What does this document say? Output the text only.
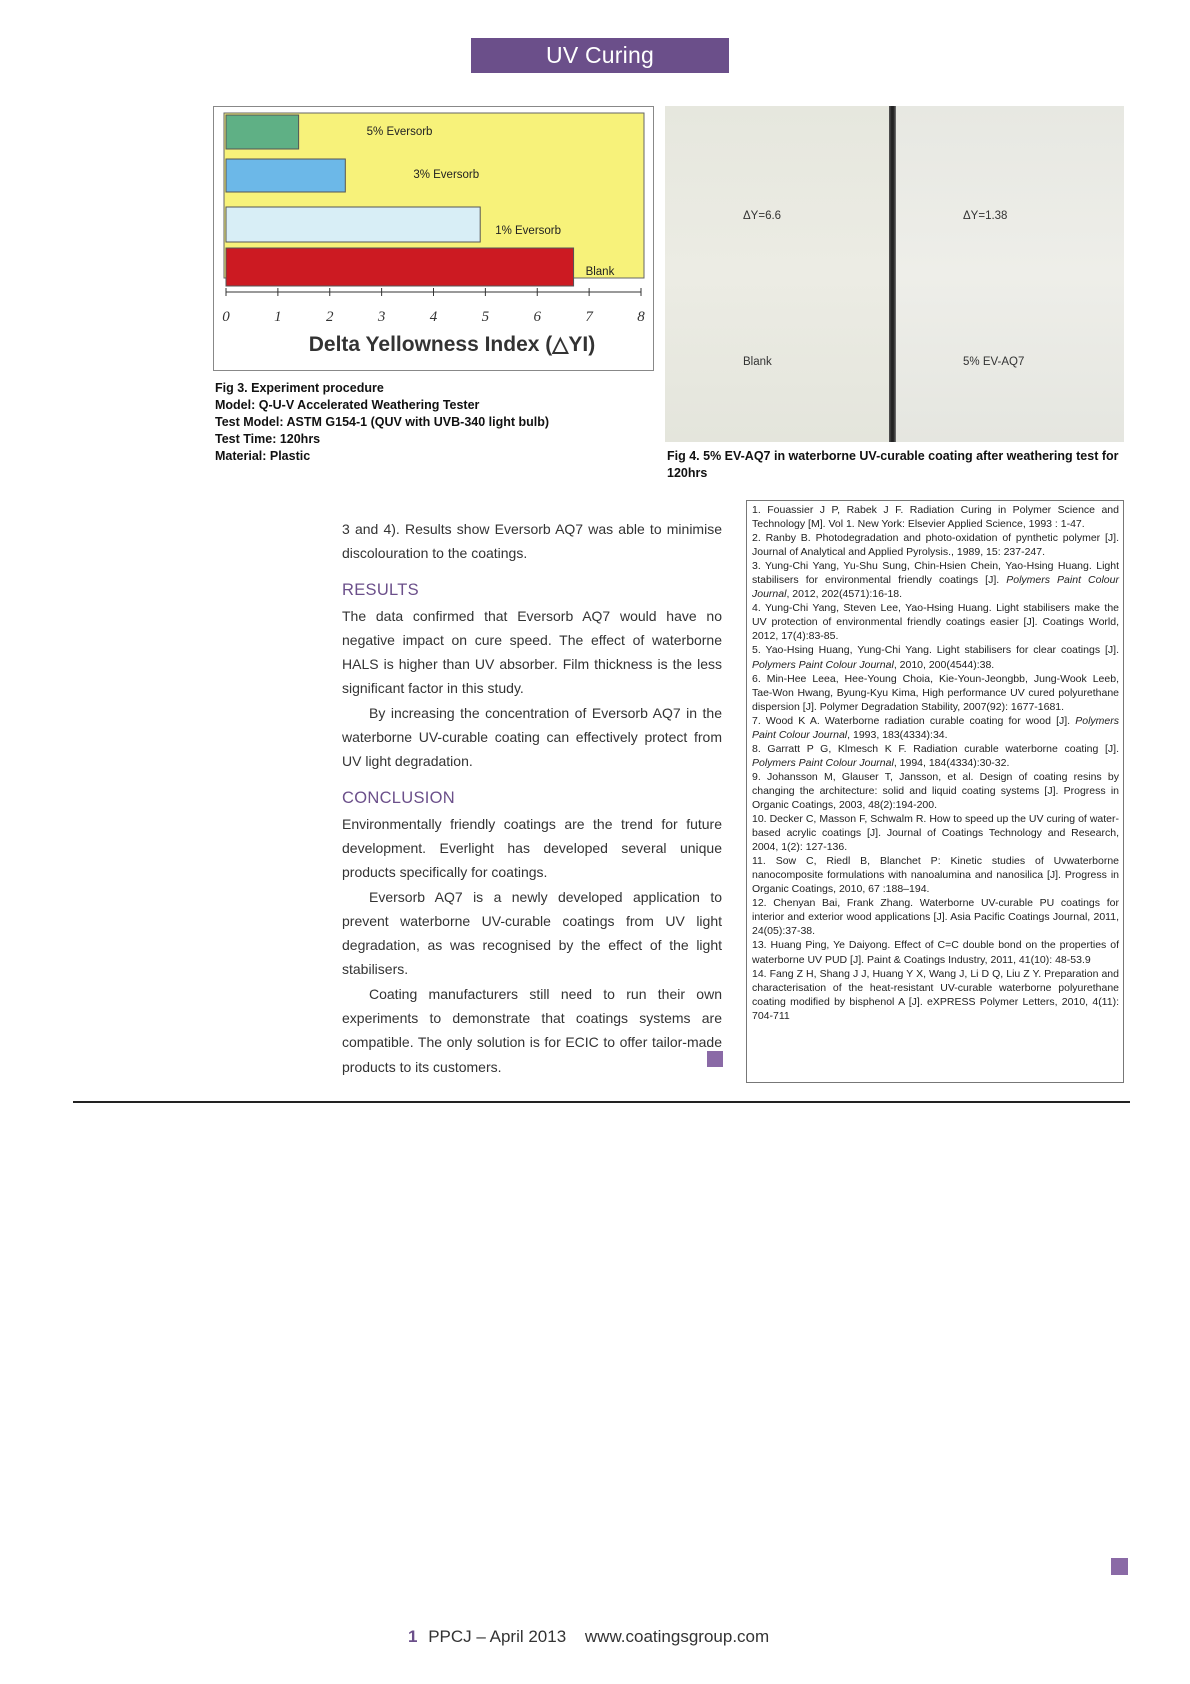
UV Curing
5% Eversorb
3% Eversorb
1% Eversorb
Blank
0	1	2	3	4	5	6	7	8
Delta Yellowness Index (△YI)
Fig 3. Experiment procedure
Model: Q-U-V Accelerated Weathering Tester
Test Model: ASTM G154-1 (QUV with UVB-340 light bulb)
Test Time: 120hrs
Material: Plastic
ΔY=6.6	ΔY=1.38
Blank	5% EV-AQ7
Fig 4. 5% EV-AQ7 in waterborne UV-curable coating after weathering test for 120hrs

3 and 4). Results show Eversorb AQ7 was able to minimise discolouration to the coatings.

RESULTS

The data confirmed that Eversorb AQ7 would have no negative impact on cure speed. The effect of waterborne HALS is higher than UV absorber. Film thickness is the less significant factor in this study.

By increasing the concentration of Eversorb AQ7 in the waterborne UV-curable coating can effectively protect from UV light degradation.

CONCLUSION

Environmentally friendly coatings are the trend for future development. Everlight has developed several unique products specifically for coatings.

Eversorb AQ7 is a newly developed application to prevent waterborne UV-curable coatings from UV light degradation, as was recognised by the effect of the light stabilisers.

Coating manufacturers still need to run their own experiments to demonstrate that coatings systems are compatible. The only solution is for ECIC to offer tailor-made products to its customers.

1. Fouassier J P, Rabek J F. Radiation Curing in Polymer Science and Technology [M]. Vol 1. New York: Elsevier Applied Science, 1993 : 1-47.
2. Ranby B. Photodegradation and photo-oxidation of pynthetic polymer [J]. Journal of Analytical and Applied Pyrolysis., 1989, 15: 237-247.
3. Yung-Chi Yang, Yu-Shu Sung, Chin-Hsien Chein, Yao-Hsing Huang. Light stabilisers for environmental friendly coatings [J]. Polymers Paint Colour Journal, 2012, 202(4571):16-18.
4. Yung-Chi Yang, Steven Lee, Yao-Hsing Huang. Light stabilisers make the UV protection of environmental friendly coatings easier [J]. Coatings World, 2012, 17(4):83-85.
5. Yao-Hsing Huang, Yung-Chi Yang. Light stabilisers for clear coatings [J]. Polymers Paint Colour Journal, 2010, 200(4544):38.
6. Min-Hee Leea, Hee-Young Choia, Kie-Youn-Jeongbb, Jung-Wook Leeb, Tae-Won Hwang, Byung-Kyu Kima, High performance UV cured polyurethane dispersion [J]. Polymer Degradation Stability, 2007(92): 1677-1681.
7. Wood K A. Waterborne radiation curable coating for wood [J]. Polymers Paint Colour Journal, 1993, 183(4334):34.
8. Garratt P G, Klmesch K F. Radiation curable waterborne coating [J]. Polymers Paint Colour Journal, 1994, 184(4334):30-32.
9. Johansson M, Glauser T, Jansson, et al. Design of coating resins by changing the architecture: solid and liquid coating systems [J]. Progress in Organic Coatings, 2003, 48(2):194-200.
10. Decker C, Masson F, Schwalm R. How to speed up the UV curing of water-based acrylic coatings [J]. Journal of Coatings Technology and Research, 2004, 1(2): 127-136.
11. Sow C, Riedl B, Blanchet P: Kinetic studies of Uvwaterborne nanocomposite formulations with nanoalumina and nanosilica [J]. Progress in Organic Coatings, 2010, 67 :188–194.
12. Chenyan Bai, Frank Zhang. Waterborne UV-curable PU coatings for interior and exterior wood applications [J]. Asia Pacific Coatings Journal, 2011, 24(05):37-38.
13. Huang Ping, Ye Daiyong. Effect of C=C double bond on the properties of waterborne UV PUD [J]. Paint & Coatings Industry, 2011, 41(10): 48-53.9
14. Fang Z H, Shang J J, Huang Y X, Wang J, Li D Q, Liu Z Y. Preparation and characterisation of the heat-resistant UV-curable waterborne polyurethane coating modified by bisphenol A [J]. eXPRESS Polymer Letters, 2010, 4(11): 704-711
1 PPCJ – April 2013 www.coatingsgroup.com
